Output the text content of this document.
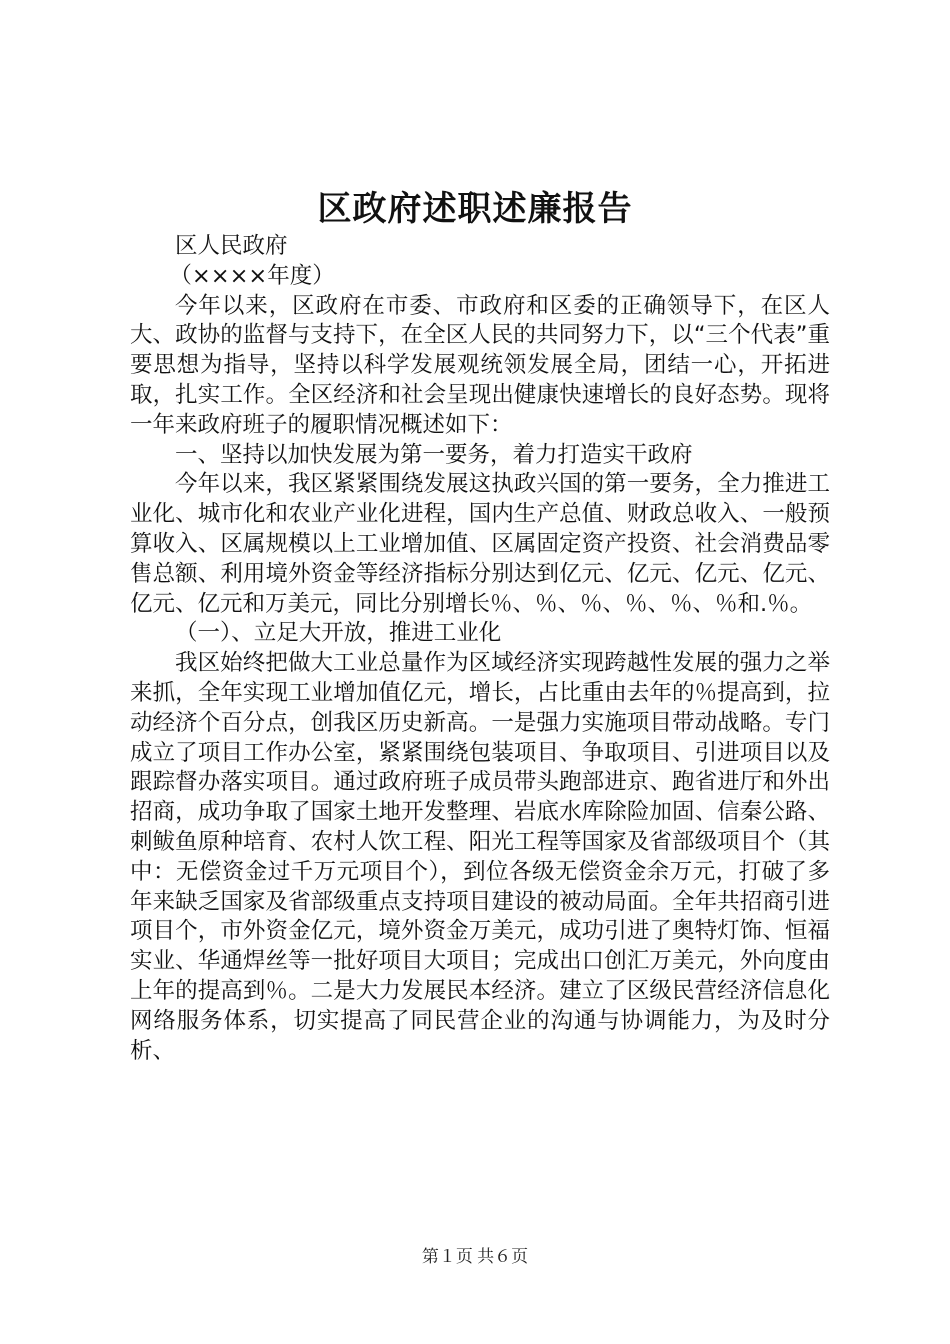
区政府述职述廉报告

区人民政府

（××××年度）

今年以来，区政府在市委、市政府和区委的正确领导下，在区人大、政协的监督与支持下，在全区人民的共同努力下，以“三个代表”重要思想为指导，坚持以科学发展观统领发展全局，团结一心，开拓进取，扎实工作。全区经济和社会呈现出健康快速增长的良好态势。现将一年来政府班子的履职情况概述如下：

一、坚持以加快发展为第一要务，着力打造实干政府

今年以来，我区紧紧围绕发展这执政兴国的第一要务，全力推进工业化、城市化和农业产业化进程，国内生产总值、财政总收入、一般预算收入、区属规模以上工业增加值、区属固定资产投资、社会消费品零售总额、利用境外资金等经济指标分别达到亿元、亿元、亿元、亿元、亿元、亿元和万美元，同比分别增长％、％、％、％、％、％和.％。

（一）、立足大开放，推进工业化

我区始终把做大工业总量作为区域经济实现跨越性发展的强力之举来抓，全年实现工业增加值亿元，增长，占比重由去年的％提高到，拉动经济个百分点，创我区历史新高。一是强力实施项目带动战略。专门成立了项目工作办公室，紧紧围绕包装项目、争取项目、引进项目以及跟踪督办落实项目。通过政府班子成员带头跑部进京、跑省进厅和外出招商，成功争取了国家土地开发整理、岩底水库除险加固、信秦公路、刺鲅鱼原种培育、农村人饮工程、阳光工程等国家及省部级项目个（其中：无偿资金过千万元项目个），到位各级无偿资金余万元，打破了多年来缺乏国家及省部级重点支持项目建设的被动局面。全年共招商引进项目个，市外资金亿元，境外资金万美元，成功引进了奥特灯饰、恒福实业、华通焊丝等一批好项目大项目；完成出口创汇万美元，外向度由上年的提高到％。二是大力发展民本经济。建立了区级民营经济信息化网络服务体系，切实提高了同民营企业的沟通与协调能力，为及时分析、

第１页 共６页
